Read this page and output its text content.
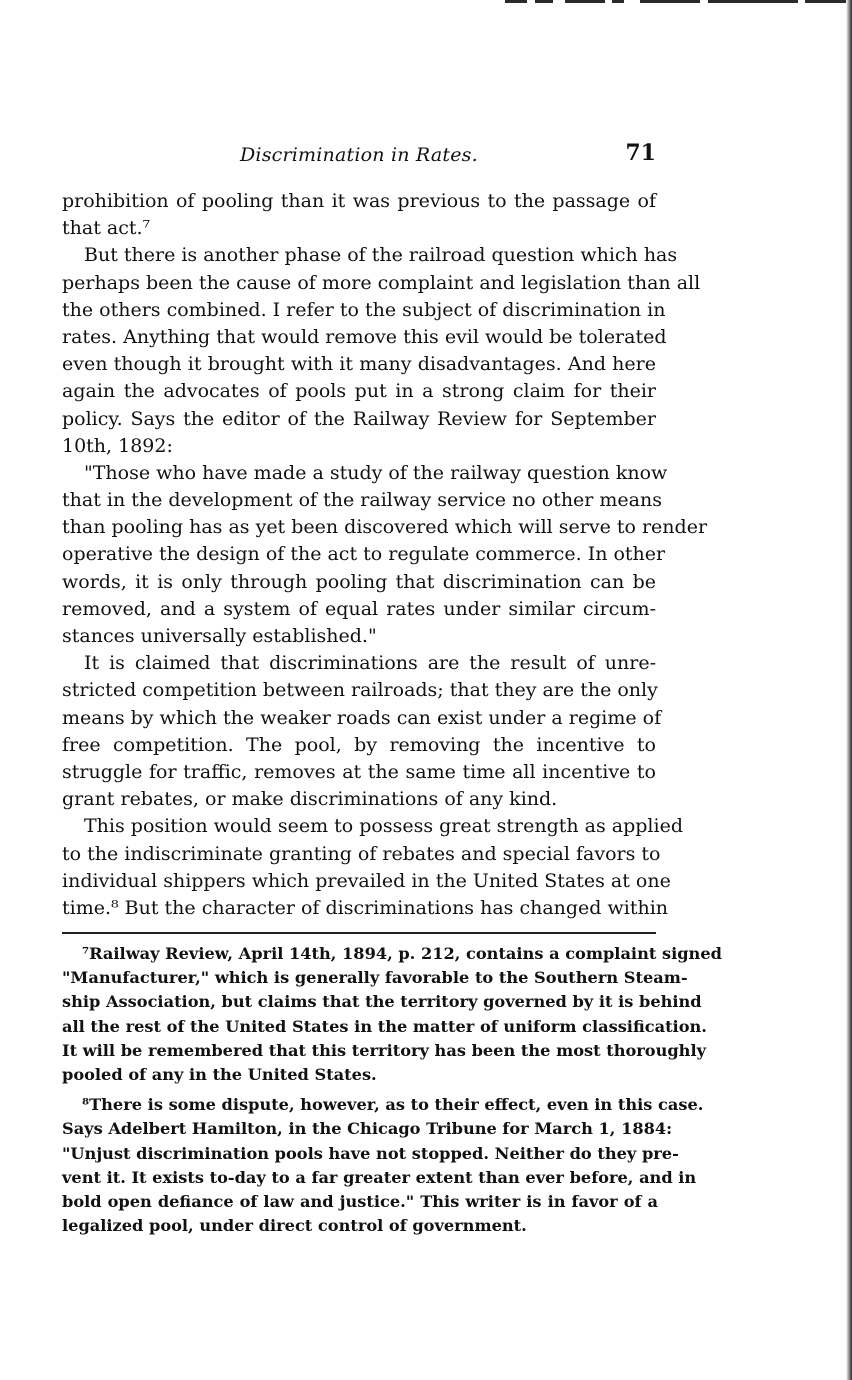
Discrimination in Rates.	71
prohibition of pooling than it was previous to the passage of
that act.⁷
But there is another phase of the railroad question which has
perhaps been the cause of more complaint and legislation than all
the others combined. I refer to the subject of discrimination in
rates. Anything that would remove this evil would be tolerated
even though it brought with it many disadvantages. And here
again the advocates of pools put in a strong claim for their
policy. Says the editor of the Railway Review for September
10th, 1892:
"Those who have made a study of the railway question know
that in the development of the railway service no other means
than pooling has as yet been discovered which will serve to render
operative the design of the act to regulate commerce. In other
words, it is only through pooling that discrimination can be
removed, and a system of equal rates under similar circum-
stances universally established."
It is claimed that discriminations are the result of unre-
stricted competition between railroads; that they are the only
means by which the weaker roads can exist under a regime of
free competition. The pool, by removing the incentive to
struggle for traffic, removes at the same time all incentive to
grant rebates, or make discriminations of any kind.
This position would seem to possess great strength as applied
to the indiscriminate granting of rebates and special favors to
individual shippers which prevailed in the United States at one
time.⁸ But the character of discriminations has changed within
⁷Railway Review, April 14th, 1894, p. 212, contains a complaint signed
"Manufacturer," which is generally favorable to the Southern Steam-
ship Association, but claims that the territory governed by it is behind
all the rest of the United States in the matter of uniform classification.
It will be remembered that this territory has been the most thoroughly
pooled of any in the United States.
⁸There is some dispute, however, as to their effect, even in this case.
Says Adelbert Hamilton, in the Chicago Tribune for March 1, 1884:
"Unjust discrimination pools have not stopped. Neither do they pre-
vent it. It exists to-day to a far greater extent than ever before, and in
bold open defiance of law and justice." This writer is in favor of a
legalized pool, under direct control of government.
